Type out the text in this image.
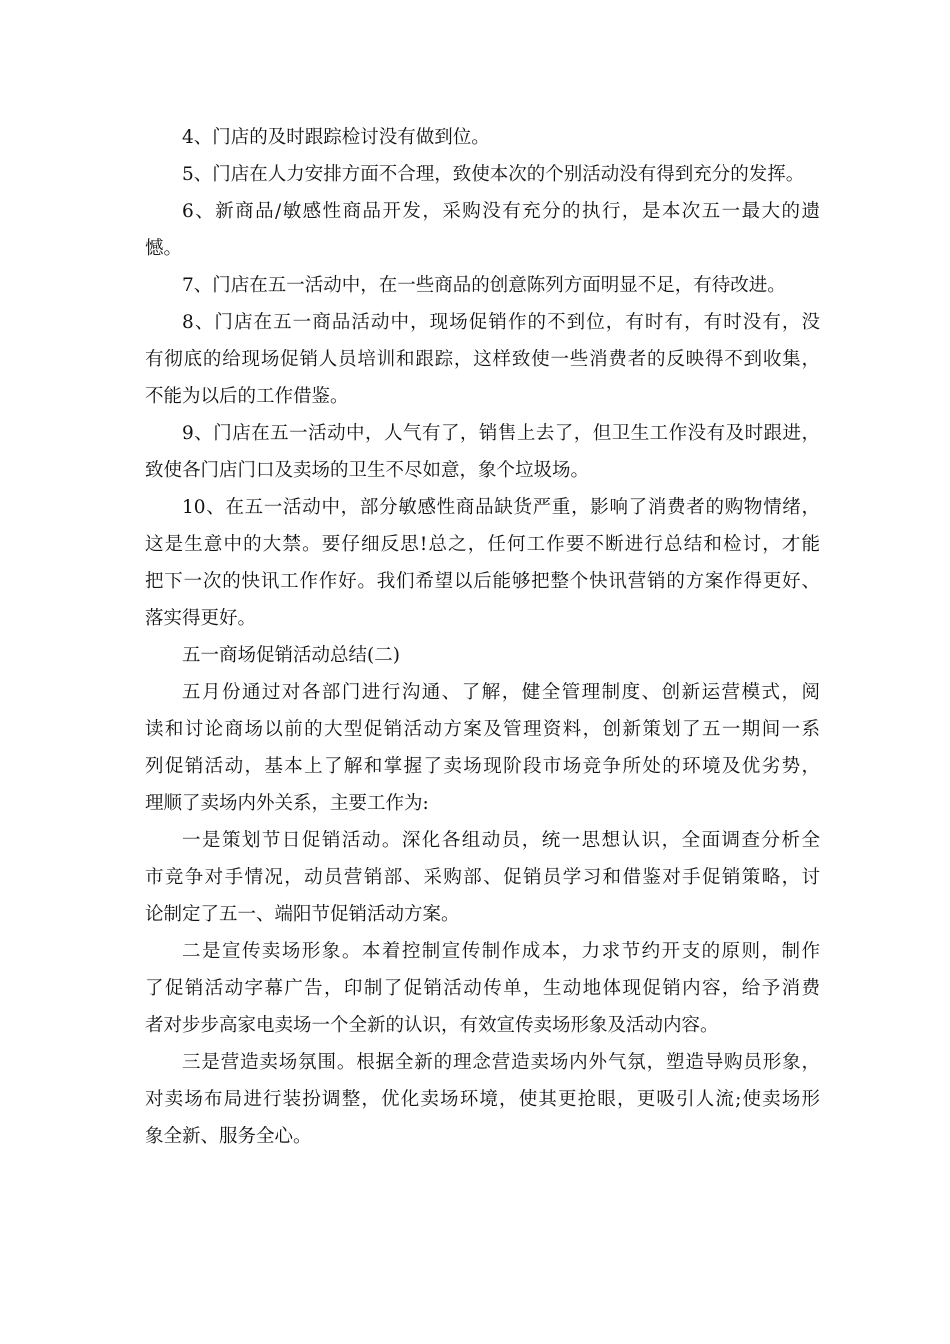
4、门店的及时跟踪检讨没有做到位。
5、门店在人力安排方面不合理，致使本次的个别活动没有得到充分的发挥。
6、新商品/敏感性商品开发，采购没有充分的执行，是本次五一最大的遗
憾。
7、门店在五一活动中，在一些商品的创意陈列方面明显不足，有待改进。
8、门店在五一商品活动中，现场促销作的不到位，有时有，有时没有，没
有彻底的给现场促销人员培训和跟踪，这样致使一些消费者的反映得不到收集，
不能为以后的工作借鉴。
9、门店在五一活动中，人气有了，销售上去了，但卫生工作没有及时跟进，
致使各门店门口及卖场的卫生不尽如意，象个垃圾场。
10、在五一活动中，部分敏感性商品缺货严重，影响了消费者的购物情绪，
这是生意中的大禁。要仔细反思!总之，任何工作要不断进行总结和检讨，才能
把下一次的快讯工作作好。我们希望以后能够把整个快讯营销的方案作得更好、
落实得更好。
五一商场促销活动总结(二)
五月份通过对各部门进行沟通、了解，健全管理制度、创新运营模式，阅
读和讨论商场以前的大型促销活动方案及管理资料，创新策划了五一期间一系
列促销活动，基本上了解和掌握了卖场现阶段市场竞争所处的环境及优劣势，
理顺了卖场内外关系，主要工作为:
一是策划节日促销活动。深化各组动员，统一思想认识，全面调查分析全
市竞争对手情况，动员营销部、采购部、促销员学习和借鉴对手促销策略，讨
论制定了五一、端阳节促销活动方案。
二是宣传卖场形象。本着控制宣传制作成本，力求节约开支的原则，制作
了促销活动字幕广告，印制了促销活动传单，生动地体现促销内容，给予消费
者对步步高家电卖场一个全新的认识，有效宣传卖场形象及活动内容。
三是营造卖场氛围。根据全新的理念营造卖场内外气氛，塑造导购员形象，
对卖场布局进行装扮调整，优化卖场环境，使其更抢眼，更吸引人流;使卖场形
象全新、服务全心。
